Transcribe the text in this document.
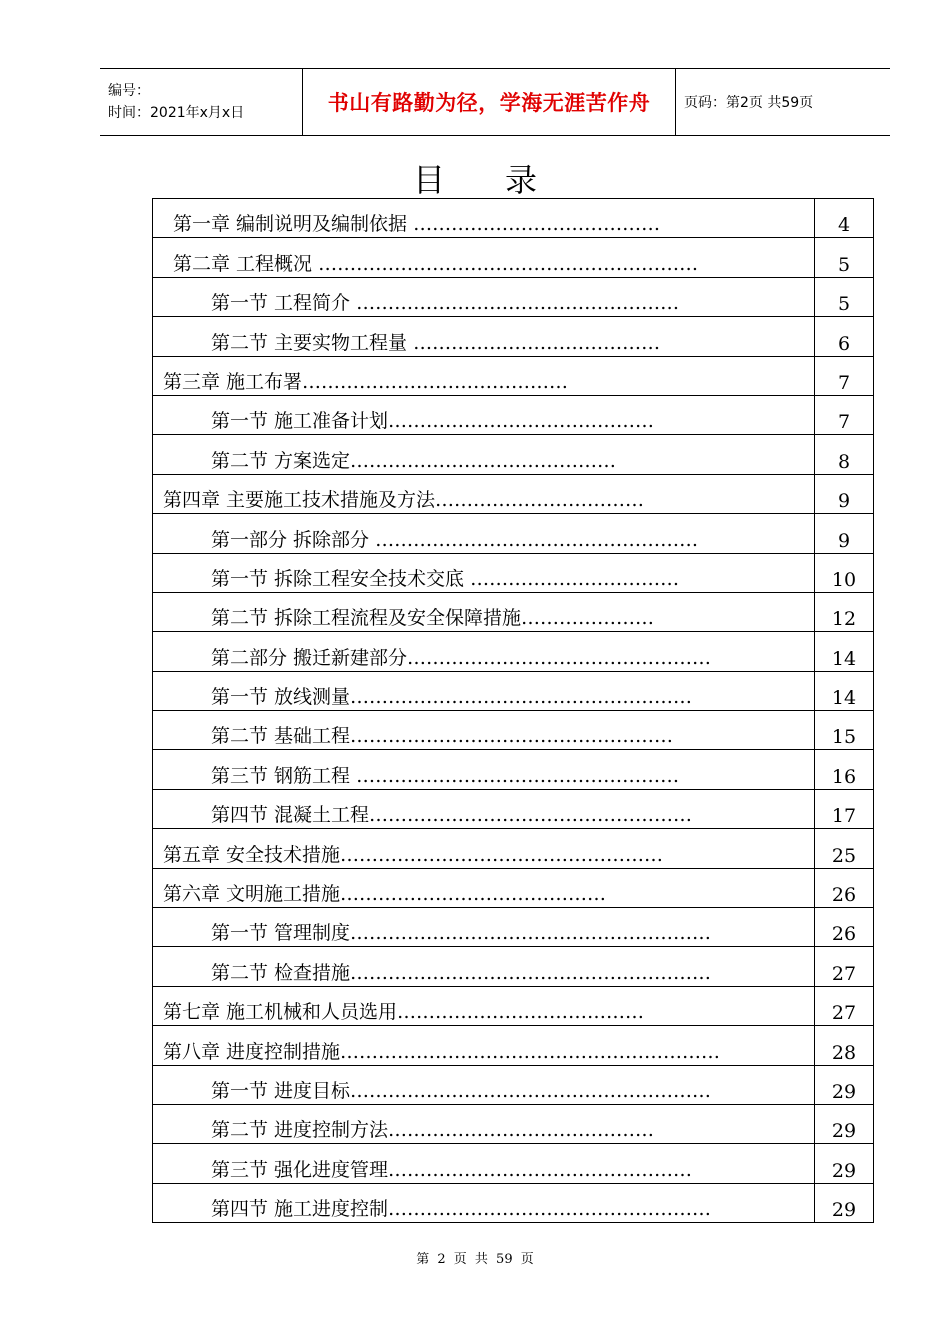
编号：
时间：2021年x月x日	书山有路勤为径，学海无涯苦作舟	页码：第2页 共59页
目录
第一章 编制说明及编制依据 …………………………………	4
第二章 工程概况 ……………………………………………………	5
第一节 工程简介 ……………………………………………	5
第二节 主要实物工程量 …………………………………	6
第三章 施工布署……………………………………	7
第一节 施工准备计划……………………………………	7
第二节 方案选定……………………………………	8
第四章 主要施工技术措施及方法……………………………	9
第一部分 拆除部分 ……………………………………………	9
第一节 拆除工程安全技术交底 ……………………………	10
第二节 拆除工程流程及安全保障措施…………………	12
第二部分 搬迁新建部分…………………………………………	14
第一节 放线测量………………………………………………	14
第二节 基础工程……………………………………………	15
第三节 钢筋工程 ……………………………………………	16
第四节 混凝土工程……………………………………………	17
第五章 安全技术措施……………………………………………	25
第六章 文明施工措施……………………………………	26
第一节 管理制度…………………………………………………	26
第二节 检查措施…………………………………………………	27
第七章 施工机械和人员选用…………………………………	27
第八章 进度控制措施……………………………………………………	28
第一节 进度目标…………………………………………………	29
第二节 进度控制方法……………………………………	29
第三节 强化进度管理…………………………………………	29
第四节 施工进度控制……………………………………………	29
第 2 页 共 59 页
